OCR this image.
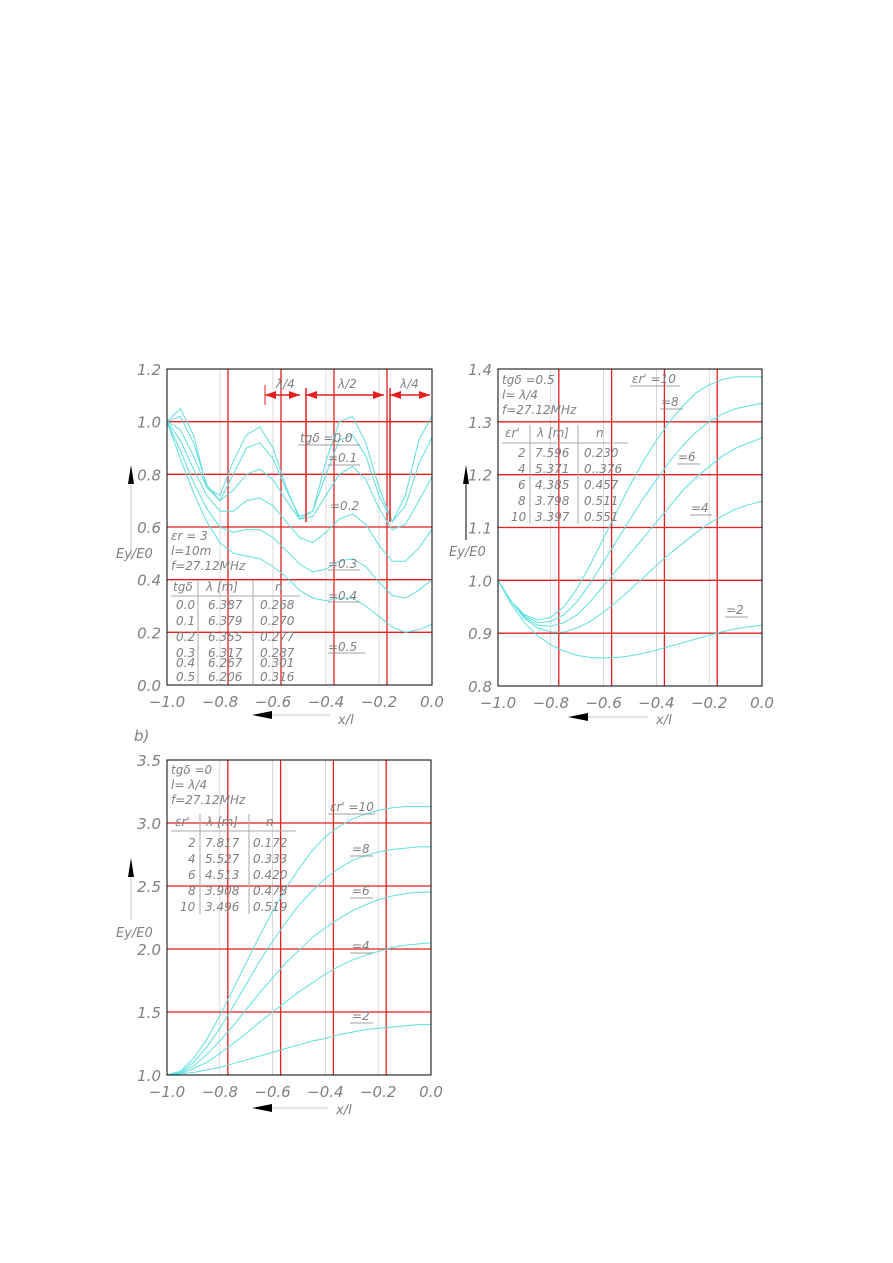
−1.0 −0.8 −0.6 −0.4 −0.2 0.0
0.0
0.2
0.4
0.6
0.8
1.0
1.2
Ey/E0
x/l
εr = 3
l=10m
f=27.12MHz
tgδ λ [m]	n
0.0 6.387 0.268
0.1 6.379 0.270
0.2 6.355 0.277
0.3 6.317 0.287
0.4 6.267 0.301
0.5 6.206 0.316
λ/4	λ/2	λ/4
tgδ =0.0
=0.1
=0.2
=0.3
=0.4
=0.5
−1.0 −0.8 −0.6 −0.4 −0.2 0.0
0.8
0.9
1.0
1.1
1.2
1.3
1.4
Ey/E0
x/l
tgδ =0.5
l= λ/4
f=27.12MHz
εr' λ [m] n
2 7.596 0.230
4 5.371 0..376
6 4.385 0.457
8 3.798 0.511
10 3.397 0.551
εr' =10
=8
=6
=4
=2
b)
−1.0 −0.8 −0.6 −0.4 −0.2 0.0
1.0
1.5
2.0
2.5
3.0
3.5
Ey/E0
x/l
tgδ =0
l= λ/4
f=27.12MHz
εr' λ [m] n
2 7.817 0.172
4 5.527 0.333
6 4.513 0.420
8 3.908 0.478
10 3.496 0.519
εr' =10
=8
=6
=4
=2
